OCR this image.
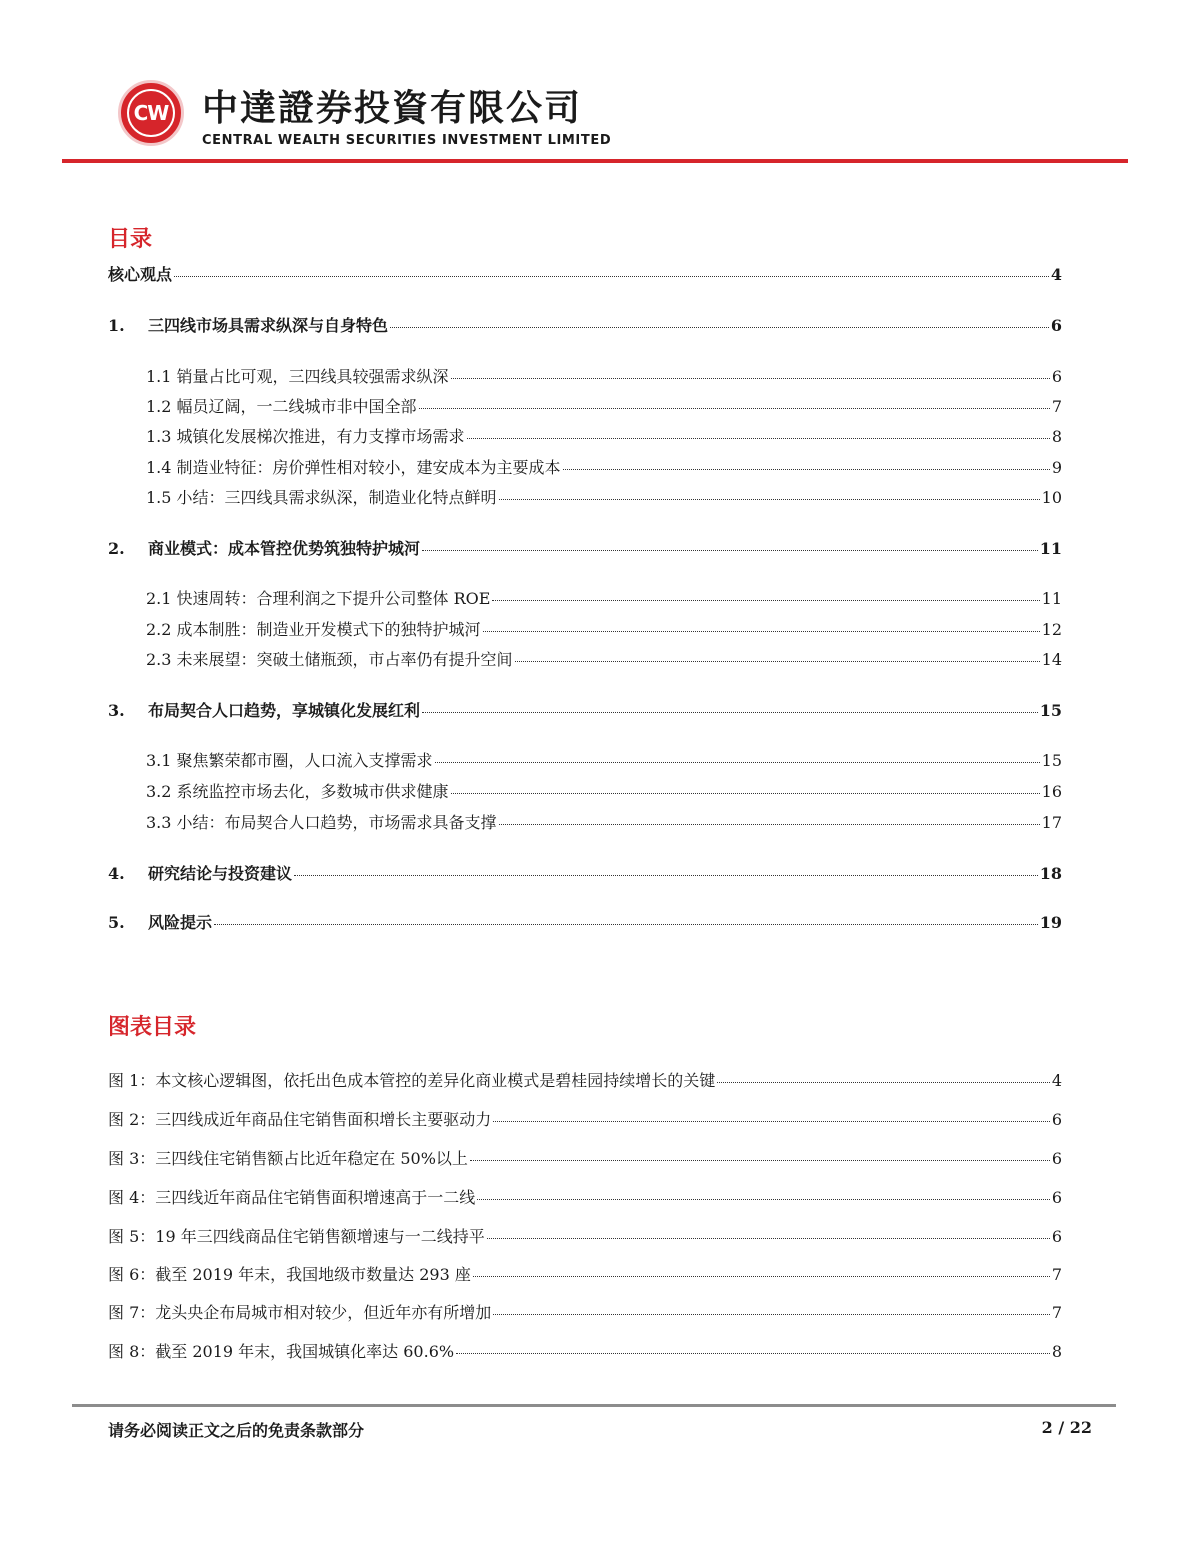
CW 中達證券投資有限公司
CENTRAL WEALTH SECURITIES INVESTMENT LIMITED
目录
核心观点	4
1.	三四线市场具需求纵深与自身特色	6
1.1 销量占比可观，三四线具较强需求纵深	6
1.2 幅员辽阔，一二线城市非中国全部	7
1.3 城镇化发展梯次推进，有力支撑市场需求	8
1.4 制造业特征：房价弹性相对较小，建安成本为主要成本	9
1.5 小结：三四线具需求纵深，制造业化特点鲜明	10
2.	商业模式：成本管控优势筑独特护城河	11
2.1 快速周转：合理利润之下提升公司整体 ROE	11
2.2 成本制胜：制造业开发模式下的独特护城河	12
2.3 未来展望：突破土储瓶颈，市占率仍有提升空间	14
3.	布局契合人口趋势，享城镇化发展红利	15
3.1 聚焦繁荣都市圈，人口流入支撑需求	15
3.2 系统监控市场去化，多数城市供求健康	16
3.3 小结：布局契合人口趋势，市场需求具备支撑	17
4.	研究结论与投资建议	18
5.	风险提示	19
图表目录
图 1：本文核心逻辑图，依托出色成本管控的差异化商业模式是碧桂园持续增长的关键	4
图 2：三四线成近年商品住宅销售面积增长主要驱动力	6
图 3：三四线住宅销售额占比近年稳定在 50%以上	6
图 4：三四线近年商品住宅销售面积增速高于一二线	6
图 5：19 年三四线商品住宅销售额增速与一二线持平	6
图 6：截至 2019 年末，我国地级市数量达 293 座	7
图 7：龙头央企布局城市相对较少，但近年亦有所增加	7
图 8：截至 2019 年末，我国城镇化率达 60.6%	8
请务必阅读正文之后的免责条款部分	2 / 22
